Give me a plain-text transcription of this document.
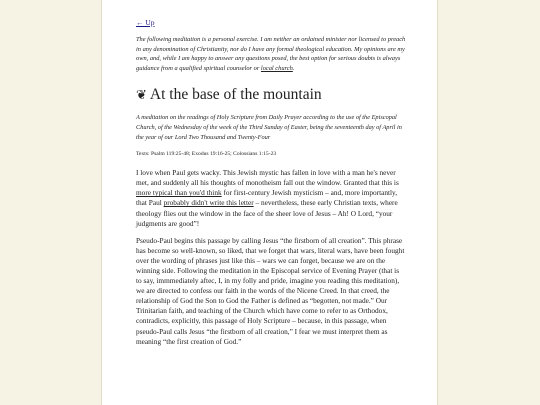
← Up

The following meditation is a personal exercise. I am neither an ordained minister nor licensed to preach in any denomination of Christianity, nor do I have any formal theological education. My opinions are my own, and, while I am happy to answer any questions posed, the best option for serious doubts is always guidance from a qualified spiritual counselor or local church.

❦ At the base of the mountain

A meditation on the readings of Holy Scripture from Daily Prayer according to the use of the Episcopal Church, of the Wednesday of the week of the Third Sunday of Easter, being the seventeenth day of April in the year of our Lord Two Thousand and Twenty-Four

Texts: Psalm 119:25-48; Exodus 19:16-25; Colossians 1:15-23

I love when Paul gets wacky. This Jewish mystic has fallen in love with a man he's never met, and suddenly all his thoughts of monotheism fall out the window. Granted that this is more typical than you'd think for first-century Jewish mysticism – and, more importantly, that Paul probably didn't write this letter – nevertheless, these early Christian texts, where theology flies out the window in the face of the sheer love of Jesus – Ah! O Lord, “your judgments are good”!

Pseudo-Paul begins this passage by calling Jesus “the firstborn of all creation”. This phrase has become so well-known, so liked, that we forget that wars, literal wars, have been fought over the wording of phrases just like this – wars we can forget, because we are on the winning side. Following the meditation in the Episcopal service of Evening Prayer (that is to say, immmediately aftec, I, in my folly and pride, imagine you reading this meditation), we are directed to confess our faith in the words of the Nicene Creed. In that creed, the relationship of God the Son to God the Father is defined as “begotten, not made.” Our Trinitarian faith, and teaching of the Church which have come to refer to as Orthodox, contradicts, explicitly, this passage of Holy Scripture – because, in this passage, when pseudo-Paul calls Jesus “the firstborn of all creation,” I fear we must interpret them as meaning “the first creation of God.”
